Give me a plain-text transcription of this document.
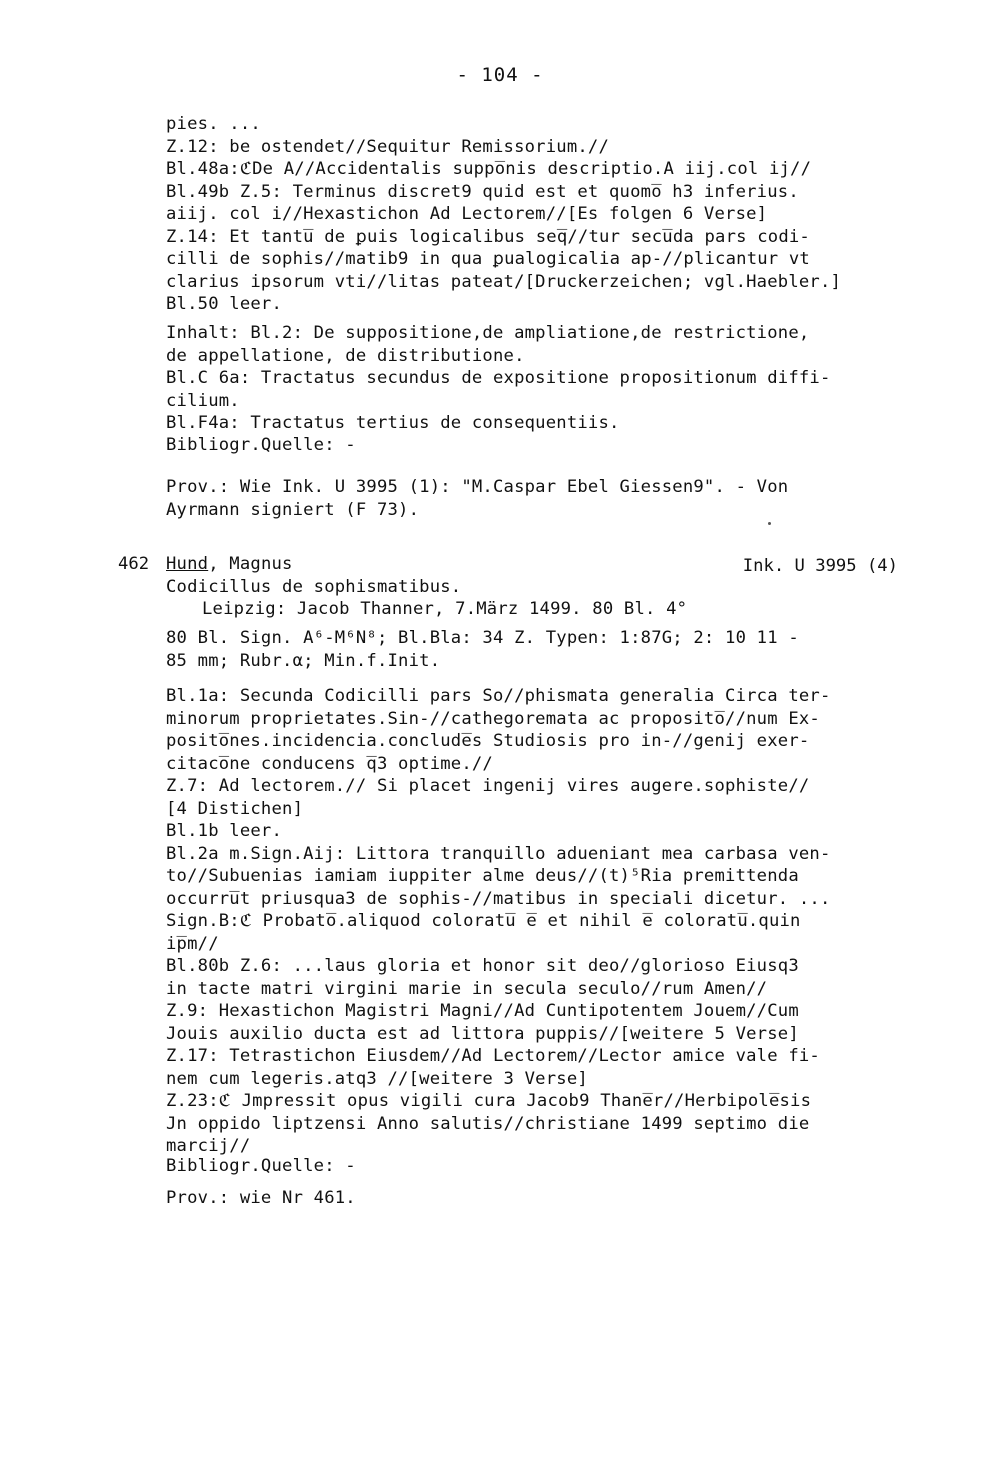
- 104 -
pies. ...
Z.12: be ostendet//Sequitur Remissorium.//
Bl.48a:ℭDe A//Accidentalis suppo̅nis descriptio.A iij.col ij//
Bl.49b Z.5: Terminus discret9 quid est et quomo̅ h3 inferius.
aiij. col i//Hexastichon Ad Lectorem//[Es folgen 6 Verse]
Z.14: Et tantu̅ de ꝑuis logicalibus seq̅//tur secu̅da pars codi-
cilli de sophis//matib9 in qua ꝑualogicalia ap-//plicantur vt
clarius ipsorum vti//litas pateat/[Druckerzeichen; vgl.Haebler.]
Bl.50 leer.
Inhalt: Bl.2: De suppositione,de ampliatione,de restrictione,
de appellatione, de distributione.
Bl.C 6a: Tractatus secundus de expositione propositionum diffi-
cilium.
Bl.F4a: Tractatus tertius de consequentiis.
Bibliogr.Quelle: -
Prov.: Wie Ink. U 3995 (1): "M.Caspar Ebel Giessen9". - Von
Ayrmann signiert (F 73).
462	Ink. U 3995 (4)
Hund, Magnus
Codicillus de sophismatibus.
Leipzig: Jacob Thanner, 7.März 1499. 80 Bl. 4°
80 Bl. Sign. A⁶-M⁶N⁸; Bl.Bla: 34 Z. Typen: 1:87G; 2: 10 11 -
85 mm; Rubr.α; Min.f.Init.
Bl.1a: Secunda Codicilli pars So//phismata generalia Circa ter-
minorum proprietates.Sin-//cathegoremata ac proposito̅//num Ex-
posito̅nes.incidencia.conclude̅s Studiosis pro in-//genij exer-
citaco̅ne conducens q̅3 optime.//
Z.7: Ad lectorem.// Si placet ingenij vires augere.sophiste//
[4 Distichen]
Bl.1b leer.
Bl.2a m.Sign.Aij: Littora tranquillo adueniant mea carbasa ven-
to//Subuenias iamiam iuppiter alme deus//(t)⁵Ria premittenda
occurru̅t priusqua3 de sophis-//matibus in speciali dicetur. ...
Sign.B:ℭ Probato̅.aliquod coloratu̅ e̅ et nihil e̅ coloratu̅.quin
ip̅m//
Bl.80b Z.6: ...laus gloria et honor sit deo//glorioso Eiusq3
in tacte matri virgini marie in secula seculo//rum Amen//
Z.9: Hexastichon Magistri Magni//Ad Cuntipotentem Jouem//Cum
Jouis auxilio ducta est ad littora puppis//[weitere 5 Verse]
Z.17: Tetrastichon Eiusdem//Ad Lectorem//Lector amice vale fi-
nem cum legeris.atq3 //[weitere 3 Verse]
Z.23:ℭ Jmpressit opus vigili cura Jacob9 Thane̅r//Herbipole̅sis
Jn oppido liptzensi Anno salutis//christiane 1499 septimo die
marcij//
Bibliogr.Quelle: -
Prov.: wie Nr 461.
